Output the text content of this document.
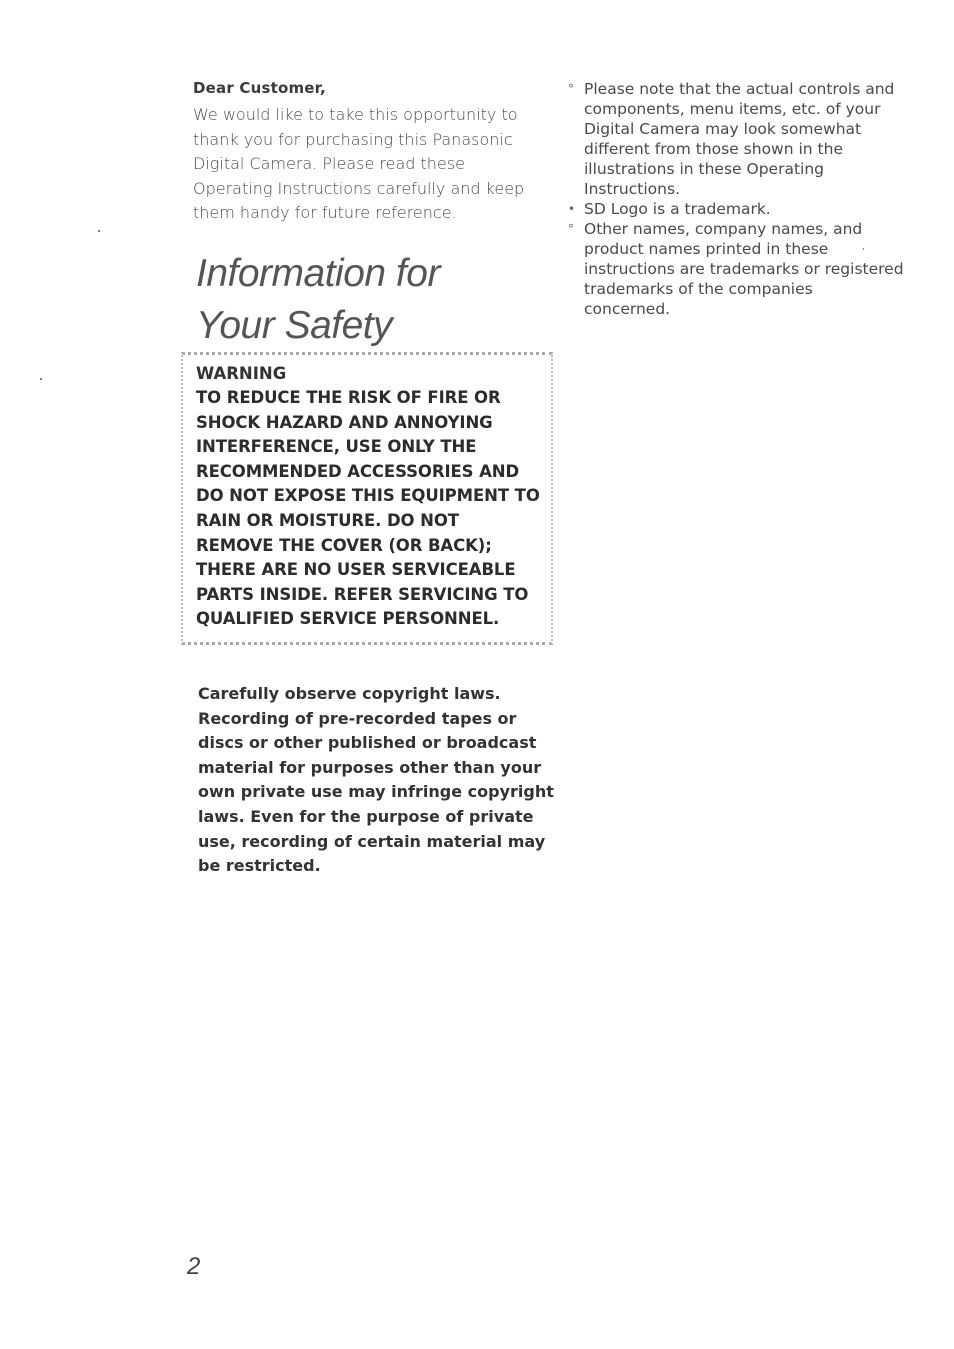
Dear Customer,
We would like to take this opportunity to
thank you for purchasing this Panasonic
Digital Camera. Please read these
Operating Instructions carefully and keep
them handy for future reference.
Information for
Your Safety
WARNING
TO REDUCE THE RISK OF FIRE OR
SHOCK HAZARD AND ANNOYING
INTERFERENCE, USE ONLY THE
RECOMMENDED ACCESSORIES AND
DO NOT EXPOSE THIS EQUIPMENT TO
RAIN OR MOISTURE. DO NOT
REMOVE THE COVER (OR BACK);
THERE ARE NO USER SERVICEABLE
PARTS INSIDE. REFER SERVICING TO
QUALIFIED SERVICE PERSONNEL.
Carefully observe copyright laws.
Recording of pre-recorded tapes or
discs or other published or broadcast
material for purposes other than your
own private use may infringe copyright
laws. Even for the purpose of private
use, recording of certain material may
be restricted.
° Please note that the actual controls and
components, menu items, etc. of your
Digital Camera may look somewhat
different from those shown in the
illustrations in these Operating
Instructions.
• SD Logo is a trademark.
° Other names, company names, and
product names printed in these
instructions are trademarks or registered
trademarks of the companies
concerned.
2
